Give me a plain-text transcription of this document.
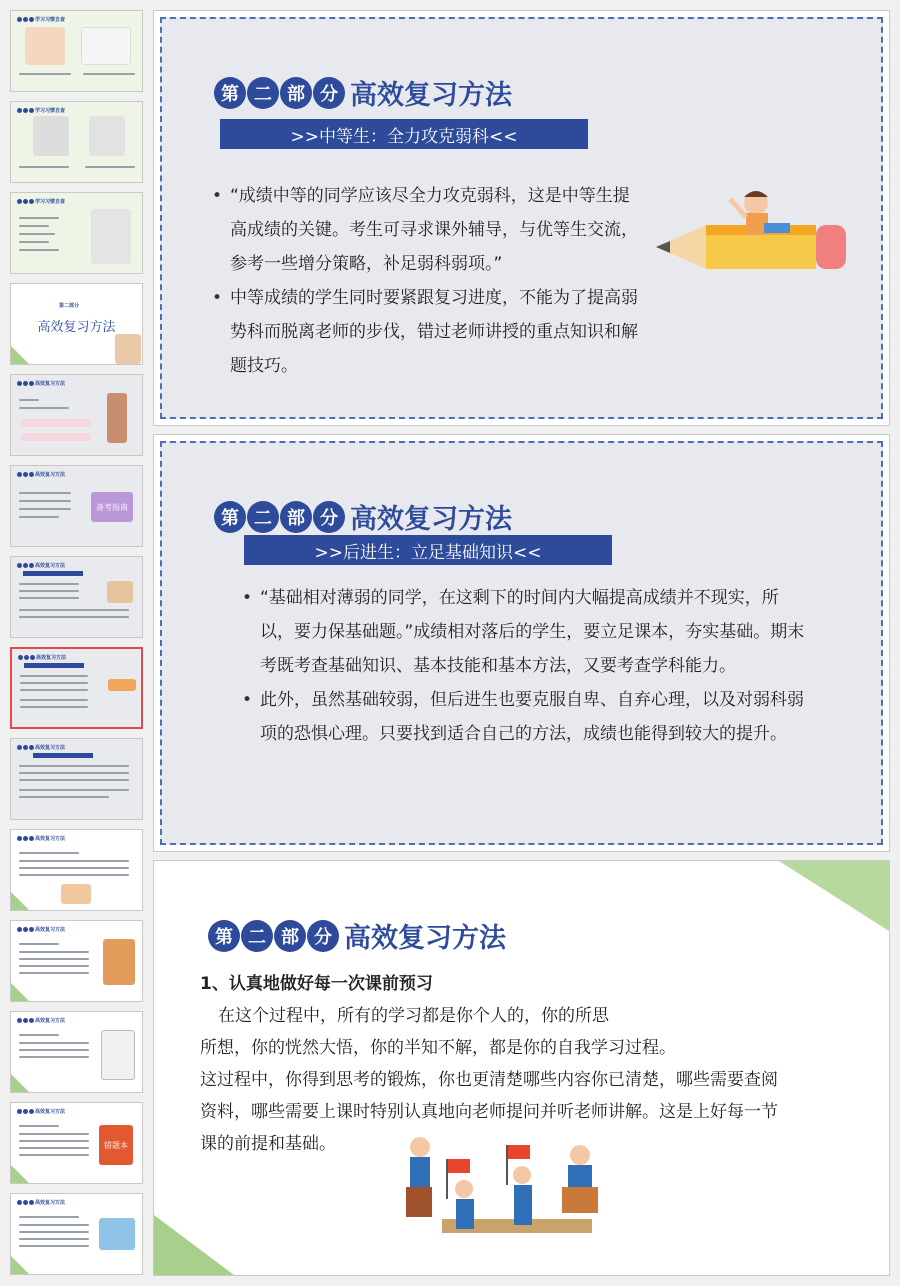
学习习惯自查
学习习惯自查
学习习惯自查
第二部分
高效复习方法
高效复习方法
高效复习方法
备考指南
高效复习方法
高效复习方法
高效复习方法
高效复习方法
高效复习方法
高效复习方法
高效复习方法
错题本
高效复习方法
第 二 部 分 高效复习方法
>>中等生：全力攻克弱科<<
• “成绩中等的同学应该尽全力攻克弱科，这是中等生提高成绩的关键。考生可寻求课外辅导，与优等生交流，参考一些增分策略，补足弱科弱项。”
• 中等成绩的学生同时要紧跟复习进度，不能为了提高弱势科而脱离老师的步伐，错过老师讲授的重点知识和解题技巧。
第 二 部 分 高效复习方法
>>后进生：立足基础知识<<
• “基础相对薄弱的同学，在这剩下的时间内大幅提高成绩并不现实，所以，要力保基础题。”成绩相对落后的学生，要立足课本，夯实基础。期末考既考查基础知识、基本技能和基本方法，又要考查学科能力。
• 此外，虽然基础较弱，但后进生也要克服自卑、自弃心理，以及对弱科弱项的恐惧心理。只要找到适合自己的方法，成绩也能得到较大的提升。
第 二 部 分 高效复习方法
1、认真地做好每一次课前预习
在这个过程中，所有的学习都是你个人的，你的所思
所想，你的恍然大悟，你的半知不解，都是你的自我学习过程。
这过程中，你得到思考的锻炼，你也更清楚哪些内容你已清楚，哪些需要查阅
资料，哪些需要上课时特别认真地向老师提问并听老师讲解。这是上好每一节
课的前提和基础。
